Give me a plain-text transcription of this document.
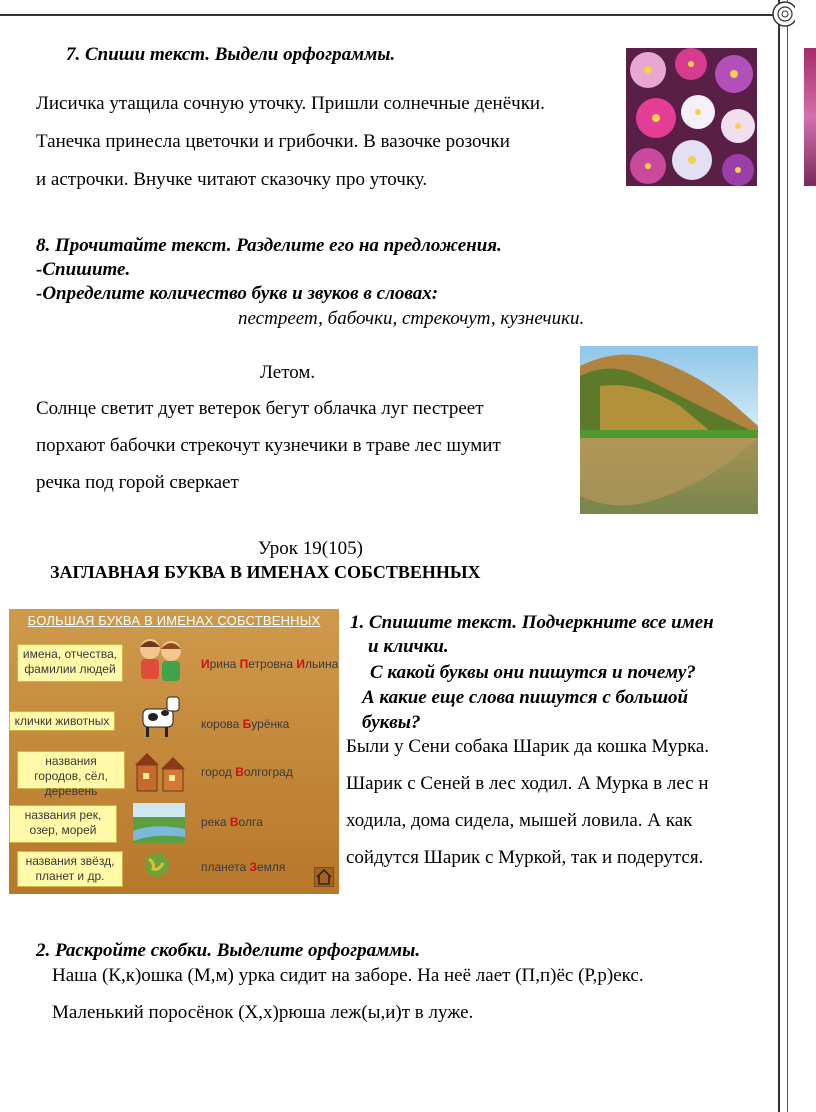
7. Спиши текст. Выдели орфограммы.
Лисичка утащила сочную уточку. Пришли солнечные денёчки.
Танечка принесла цветочки и грибочки. В вазочке розочки
и астрочки. Внучке читают сказочку про уточку.
8. Прочитайте текст. Разделите его на предложения.
-Спишите.
-Определите количество букв и звуков в словах:
пестреет, бабочки, стрекочут, кузнечики.
Летом.
Солнце светит дует ветерок бегут облачка луг пестреет
порхают бабочки стрекочут кузнечики в траве лес шумит
речка под горой сверкает
Урок 19(105)
ЗАГЛАВНАЯ БУКВА В ИМЕНАХ СОБСТВЕННЫХ
БОЛЬШАЯ БУКВА В ИМЕНАХ СОБСТВЕННЫХ
имена, отчества, фамилии людей
клички животных
названия городов, сёл, деревень
названия рек, озер, морей
названия звёзд, планет и др.
Ирина Петровна Ильина
корова Бурёнка
город Волгоград
река Волга
планета Земля
1. Спишите текст. Подчеркните все имен
и клички.
С какой буквы они пишутся и почему?
А какие еще слова пишутся с большой
буквы?
Были у Сени собака Шарик да кошка Мурка.
Шарик с Сеней в лес ходил. А Мурка в лес н
ходила, дома сидела, мышей ловила. А как
сойдутся Шарик с Муркой, так и подерутся.
2. Раскройте скобки. Выделите орфограммы.
Наша (К,к)ошка (М,м) урка сидит на заборе. На неё лает (П,п)ёс (Р,р)екс.
Маленький поросёнок (Х,х)рюша леж(ы,и)т в луже.
